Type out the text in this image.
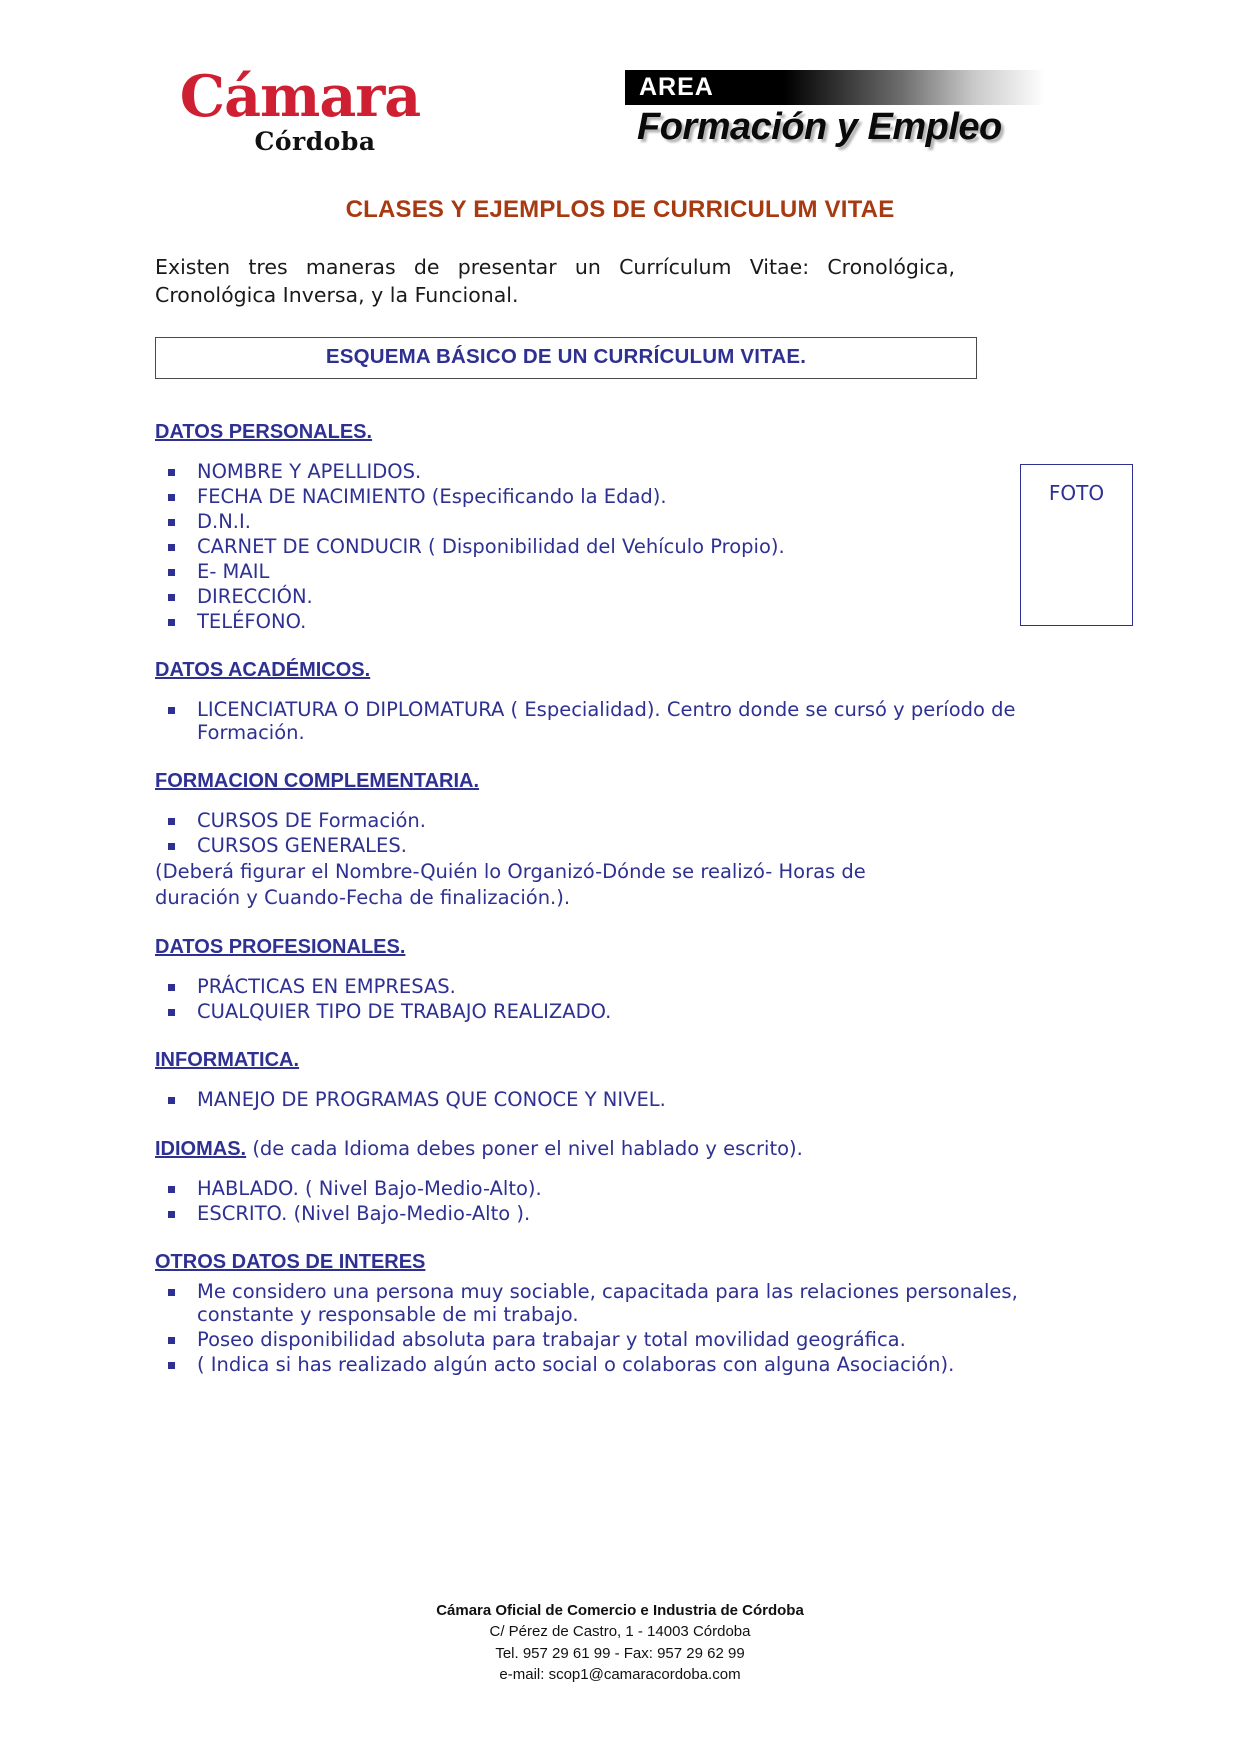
Cámara
Córdoba
AREA
Formación y Empleo
FOTO
CLASES Y EJEMPLOS DE CURRICULUM VITAE

Existen tres maneras de presentar un Currículum Vitae: Cronológica, Cronológica Inversa, y la Funcional.

ESQUEMA BÁSICO DE UN CURRÍCULUM VITAE.
DATOS PERSONALES.
NOMBRE Y APELLIDOS.
FECHA DE NACIMIENTO (Especificando la Edad).
D.N.I.
CARNET DE CONDUCIR ( Disponibilidad del Vehículo Propio).
E- MAIL
DIRECCIÓN.
TELÉFONO.
DATOS ACADÉMICOS.
LICENCIATURA O DIPLOMATURA ( Especialidad). Centro donde se cursó y período de Formación.
FORMACION COMPLEMENTARIA.
CURSOS DE Formación.
CURSOS GENERALES.

(Deberá figurar el Nombre-Quién lo Organizó-Dónde se realizó- Horas de duración y Cuando-Fecha de finalización.).

DATOS PROFESIONALES.
PRÁCTICAS EN EMPRESAS.
CUALQUIER TIPO DE TRABAJO REALIZADO.
INFORMATICA.
MANEJO DE PROGRAMAS QUE CONOCE Y NIVEL.
IDIOMAS. (de cada Idioma debes poner el nivel hablado y escrito).
HABLADO. ( Nivel Bajo-Medio-Alto).
ESCRITO. (Nivel Bajo-Medio-Alto ).
OTROS DATOS DE INTERES
Me considero una persona muy sociable, capacitada para las relaciones personales, constante y responsable de mi trabajo.
Poseo disponibilidad absoluta para trabajar y total movilidad geográfica.
( Indica si has realizado algún acto social o colaboras con alguna Asociación).
Cámara Oficial de Comercio e Industria de Córdoba
C/ Pérez de Castro, 1 - 14003 Córdoba
Tel. 957 29 61 99 - Fax: 957 29 62 99
e-mail: scop1@camaracordoba.com
